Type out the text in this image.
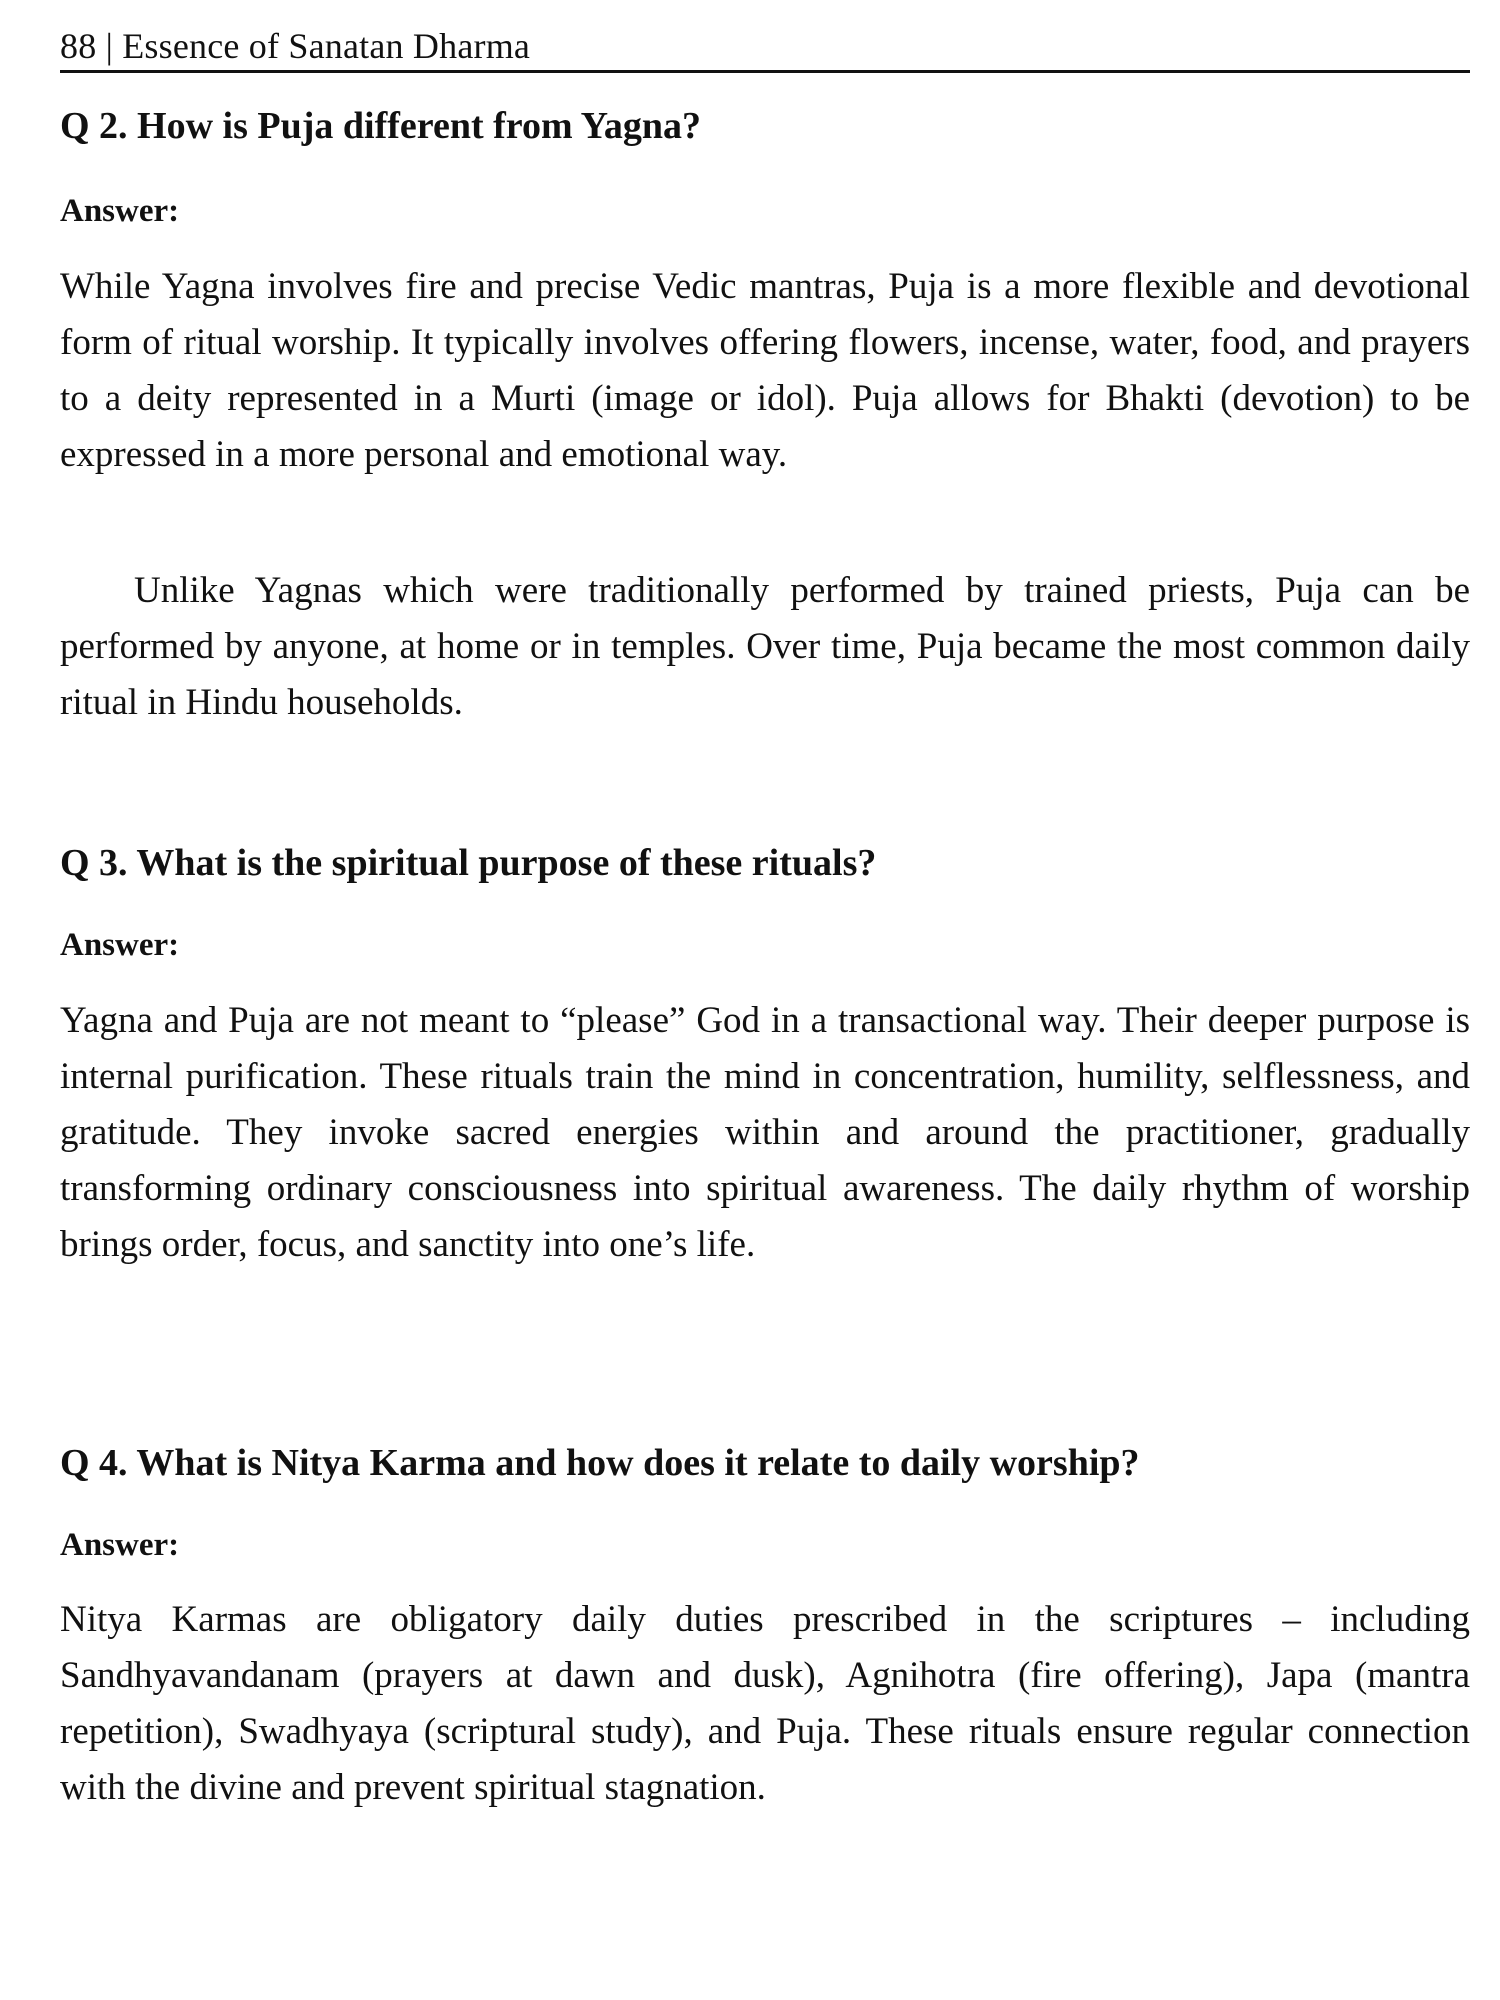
88 | Essence of Sanatan Dharma
Q 2. How is Puja different from Yagna?
Answer:

While Yagna involves fire and precise Vedic mantras, Puja is a more flexible and devotional form of ritual worship. It typically involves offering flowers, incense, water, food, and prayers to a deity represented in a Murti (image or idol). Puja allows for Bhakti (devotion) to be expressed in a more personal and emotional way.

Unlike Yagnas which were traditionally performed by trained priests, Puja can be performed by anyone, at home or in temples. Over time, Puja became the most common daily ritual in Hindu households.

Q 3. What is the spiritual purpose of these rituals?
Answer:

Yagna and Puja are not meant to “please” God in a transactional way. Their deeper purpose is internal purification. These rituals train the mind in concentration, humility, selflessness, and gratitude. They invoke sacred energies within and around the practitioner, gradually transforming ordinary consciousness into spiritual awareness. The daily rhythm of worship brings order, focus, and sanctity into one’s life.

Q 4. What is Nitya Karma and how does it relate to daily worship?
Answer:

Nitya Karmas are obligatory daily duties prescribed in the scriptures – including Sandhyavandanam (prayers at dawn and dusk), Agnihotra (fire offering), Japa (mantra repetition), Swadhyaya (scriptural study), and Puja. These rituals ensure regular connection with the divine and prevent spiritual stagnation.
